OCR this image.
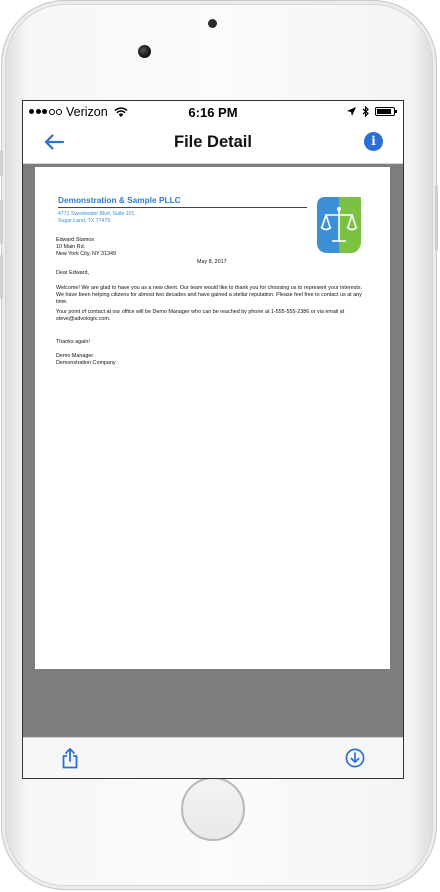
Verizon	6:16 PM
File Detail	i
Demonstration & Sample PLLC
4771 Sweetwater Blvd, Suite 101
Sugar Land, TX 77479
Edward Stamos
10 Main Rd.
New York City, NY 31349
May 8, 2017
Dear Edward,
Welcome! We are glad to have you as a new client. Our team would like to thank you for choosing us to represent your interests. We have been helping citizens for almost two decades and have gained a stellar reputation. Please feel free to contact us at any time.
Your point of contact at our office will be Demo Manager who can be reached by phone at 1-555-555-2386 or via email at steve@advologix.com.
Thanks again!
Demo Manager
Demonstration Company
